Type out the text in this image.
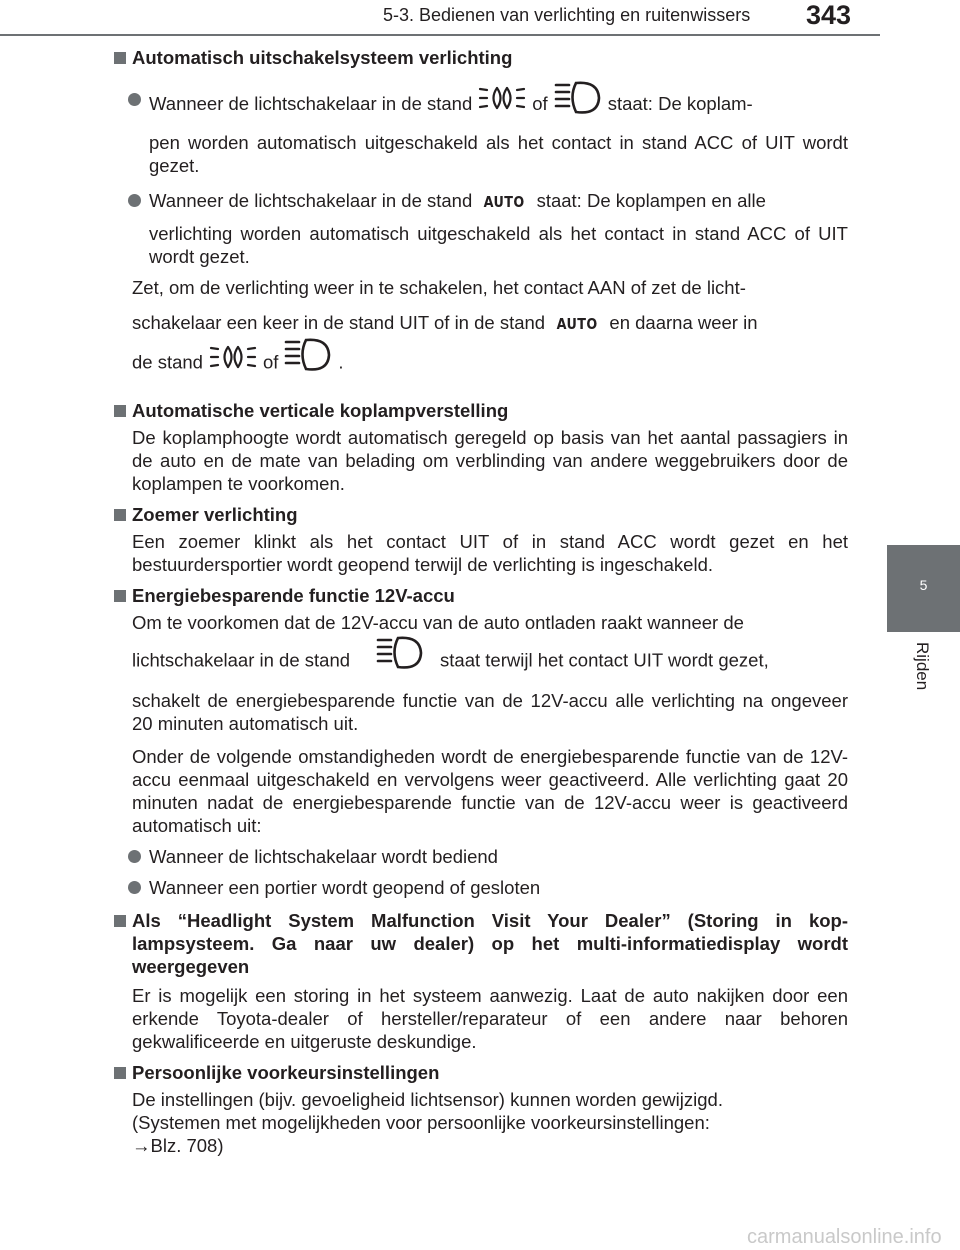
5-3. Bedienen van verlichting en ruitenwissers 343
5
Rijden

Automatisch uitschakelsysteem verlichting

Wanneer de lichtschakelaar in de stand	of	staat: De koplam-

pen worden automatisch uitgeschakeld als het contact in stand ACC of UIT wordt gezet.

Wanneer de lichtschakelaar in de stand AUTO staat: De koplampen en alle

verlichting worden automatisch uitgeschakeld als het contact in stand ACC of UIT wordt gezet.

Zet, om de verlichting weer in te schakelen, het contact AAN of zet de licht-

schakelaar een keer in de stand UIT of in de stand AUTO en daarna weer in

de stand	of	.

Automatische verticale koplampverstelling

De koplamphoogte wordt automatisch geregeld op basis van het aantal passagiers in de auto en de mate van belading om verblinding van andere weggebruikers door de koplampen te voorkomen.

Zoemer verlichting

Een zoemer klinkt als het contact UIT of in stand ACC wordt gezet en het bestuurdersportier wordt geopend terwijl de verlichting is ingeschakeld.

Energiebesparende functie 12V-accu

Om te voorkomen dat de 12V-accu van de auto ontladen raakt wanneer de

lichtschakelaar in de stand	staat terwijl het contact UIT wordt gezet,

schakelt de energiebesparende functie van de 12V-accu alle verlichting na ongeveer 20 minuten automatisch uit.

Onder de volgende omstandigheden wordt de energiebesparende functie van de 12V-accu eenmaal uitgeschakeld en vervolgens weer geactiveerd. Alle verlichting gaat 20 minuten nadat de energiebesparende functie van de 12V-accu weer is geactiveerd automatisch uit:

Wanneer de lichtschakelaar wordt bediend

Wanneer een portier wordt geopend of gesloten

Als “Headlight System Malfunction Visit Your Dealer” (Storing in kop-lampsysteem. Ga naar uw dealer) op het multi-informatiedisplay wordt weergegeven

Er is mogelijk een storing in het systeem aanwezig. Laat de auto nakijken door een erkende Toyota-dealer of hersteller/reparateur of een andere naar behoren gekwalificeerde en uitgeruste deskundige.

Persoonlijke voorkeursinstellingen

De instellingen (bijv. gevoeligheid lichtsensor) kunnen worden gewijzigd.

(Systemen met mogelijkheden voor persoonlijke voorkeursinstellingen:

→Blz. 708)

carmanualsonline.info
